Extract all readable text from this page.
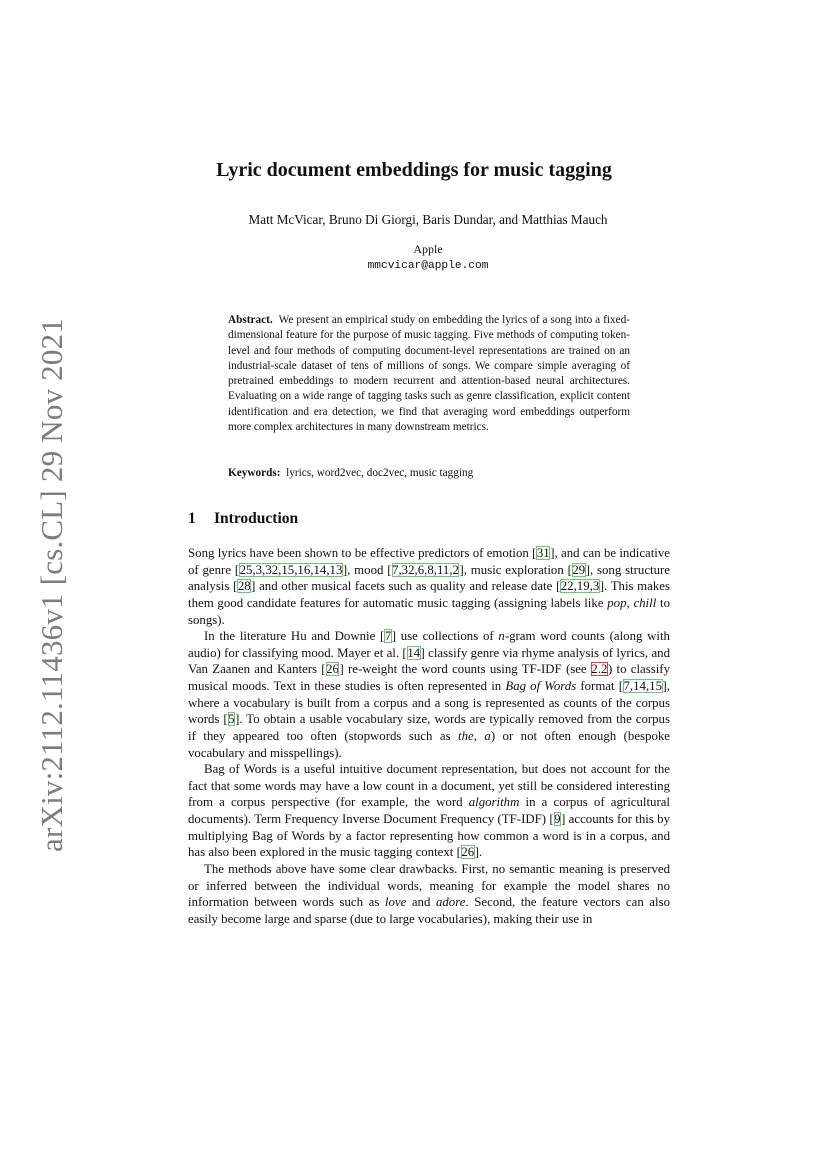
arXiv:2112.11436v1 [cs.CL] 29 Nov 2021
Lyric document embeddings for music tagging
Matt McVicar, Bruno Di Giorgi, Baris Dundar, and Matthias Mauch
Apple
mmcvicar@apple.com
Abstract. We present an empirical study on embedding the lyrics of a song into a fixed-dimensional feature for the purpose of music tagging. Five methods of computing token-level and four methods of computing document-level representations are trained on an industrial-scale dataset of tens of millions of songs. We compare simple averaging of pretrained embeddings to modern recurrent and attention-based neural architectures. Evaluating on a wide range of tagging tasks such as genre classification, explicit content identification and era detection, we find that averaging word embeddings outperform more complex architectures in many downstream metrics.
Keywords: lyrics, word2vec, doc2vec, music tagging
1 Introduction

Song lyrics have been shown to be effective predictors of emotion [31], and can be indicative of genre [25,3,32,15,16,14,13], mood [7,32,6,8,11,2], music exploration [29], song structure analysis [28] and other musical facets such as quality and release date [22,19,3]. This makes them good candidate features for automatic music tagging (assigning labels like pop, chill to songs).

In the literature Hu and Downie [7] use collections of n-gram word counts (along with audio) for classifying mood. Mayer et al. [14] classify genre via rhyme analysis of lyrics, and Van Zaanen and Kanters [26] re-weight the word counts using TF-IDF (see 2.2) to classify musical moods. Text in these studies is often represented in Bag of Words format [7,14,15], where a vocabulary is built from a corpus and a song is represented as counts of the corpus words [5]. To obtain a usable vocabulary size, words are typically removed from the corpus if they appeared too often (stopwords such as the, a) or not often enough (bespoke vocabulary and misspellings).

Bag of Words is a useful intuitive document representation, but does not account for the fact that some words may have a low count in a document, yet still be considered interesting from a corpus perspective (for example, the word algorithm in a corpus of agricultural documents). Term Frequency Inverse Document Frequency (TF-IDF) [9] accounts for this by multiplying Bag of Words by a factor representing how common a word is in a corpus, and has also been explored in the music tagging context [26].

The methods above have some clear drawbacks. First, no semantic meaning is preserved or inferred between the individual words, meaning for example the model shares no information between words such as love and adore. Second, the feature vectors can also easily become large and sparse (due to large vocabularies), making their use in
